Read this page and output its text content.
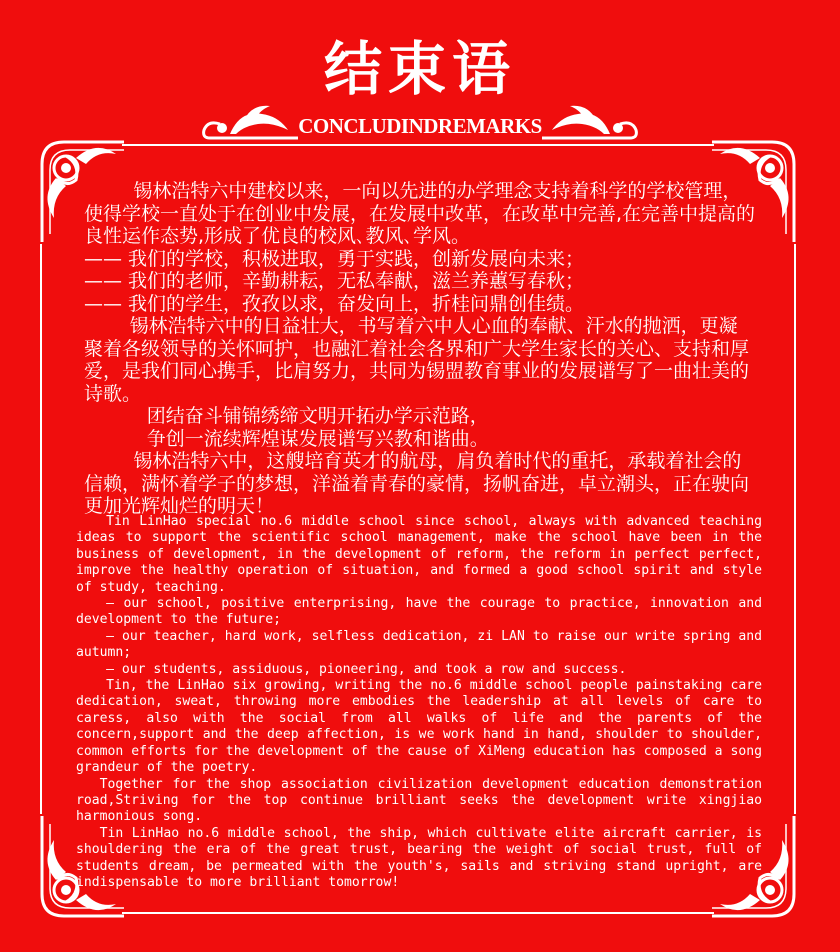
结束语
CONCLUDINDREMARKS

锡林浩特六中建校以来，一向以先进的办学理念支持着科学的学校管理，使得学校一直处于在创业中发展，在发展中改革，在改革中完善,在完善中提高的良性运作态势,形成了优良的校风､教风､学风。

—— 我们的学校，积极进取，勇于实践，创新发展向未来；

—— 我们的老师，辛勤耕耘，无私奉献，滋兰养蕙写春秋；

—— 我们的学生，孜孜以求，奋发向上，折桂问鼎创佳绩。

锡林浩特六中的日益壮大，书写着六中人心血的奉献、汗水的抛洒，更凝聚着各级领导的关怀呵护，也融汇着社会各界和广大学生家长的关心、支持和厚爱，是我们同心携手，比肩努力，共同为锡盟教育事业的发展谱写了一曲壮美的诗歌。

团结奋斗铺锦绣缔文明开拓办学示范路，

争创一流续辉煌谋发展谱写兴教和谐曲。

锡林浩特六中，这艘培育英才的航母，肩负着时代的重托，承载着社会的信赖，满怀着学子的梦想，洋溢着青春的豪情，扬帆奋进，卓立潮头，正在驶向更加光辉灿烂的明天！

Tin LinHao special no.6 middle school since school, always with advanced teaching ideas to support the scientific school management, make the school have been in the business of development, in the development of reform, the reform in perfect perfect, improve the healthy operation of situation, and formed a good school spirit and style of study, teaching.

— our school, positive enterprising, have the courage to practice, innovation and development to the future;

— our teacher, hard work, selfless dedication, zi LAN to raise our write spring and autumn;

— our students, assiduous, pioneering, and took a row and success.

Tin, the LinHao six growing, writing the no.6 middle school people painstaking care dedication, sweat, throwing more embodies the leadership at all levels of care to caress, also with the social from all walks of life and the parents of the concern,support and the deep affection, is we work hand in hand, shoulder to shoulder, common efforts for the development of the cause of XiMeng education has composed a song grandeur of the poetry.

Together for the shop association civilization development education demonstration road,Striving for the top continue brilliant seeks the development write xingjiao harmonious song.

Tin LinHao no.6 middle school, the ship, which cultivate elite aircraft carrier, is shouldering the era of the great trust, bearing the weight of social trust, full of students dream, be permeated with the youth's, sails and striving stand upright, are indispensable to more brilliant tomorrow!
